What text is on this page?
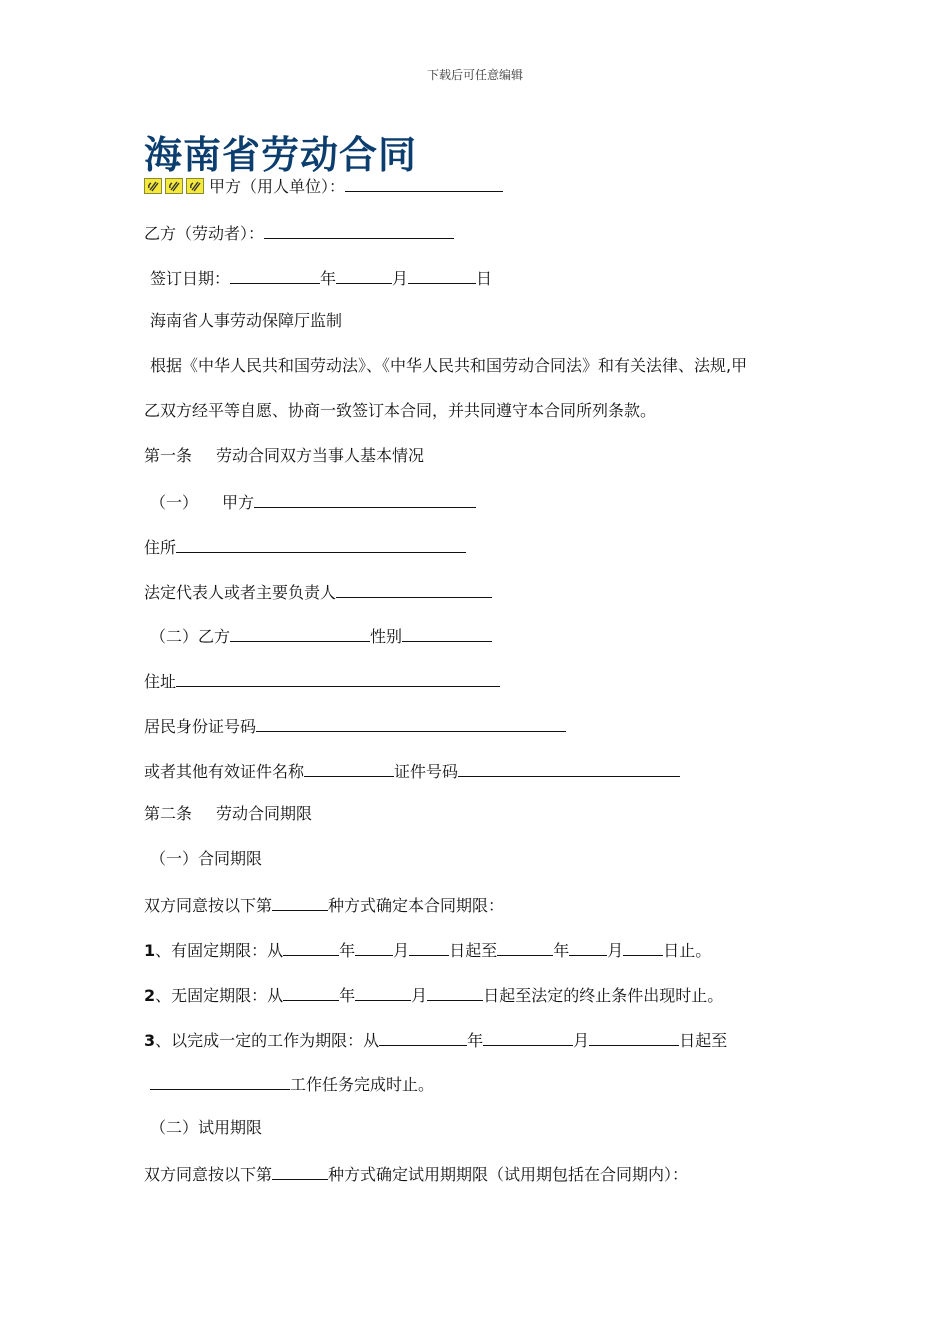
下载后可任意编辑
海南省劳动合同
甲方（用人单位）：
乙方（劳动者）：
签订日期：	年	月	日
海南省人事劳动保障厅监制
根据《中华人民共和国劳动法》、《中华人民共和国劳动合同法》和有关法律、法规,甲
乙双方经平等自愿、协商一致签订本合同，并共同遵守本合同所列条款。
第一条 劳动合同双方当事人基本情况
（一） 甲方
住所
法定代表人或者主要负责人
（二）乙方	性别
住址
居民身份证号码
或者其他有效证件名称	证件号码
第二条 劳动合同期限
（一）合同期限
双方同意按以下第	种方式确定本合同期限：
1、有固定期限：从	年 月	日起至	年 月	日止。
2、无固定期限：从	年	月	日起至法定的终止条件出现时止。
3、以完成一定的工作为期限：从	年	月	日起至
工作任务完成时止。
（二）试用期限
双方同意按以下第	种方式确定试用期期限（试用期包括在合同期内）：
